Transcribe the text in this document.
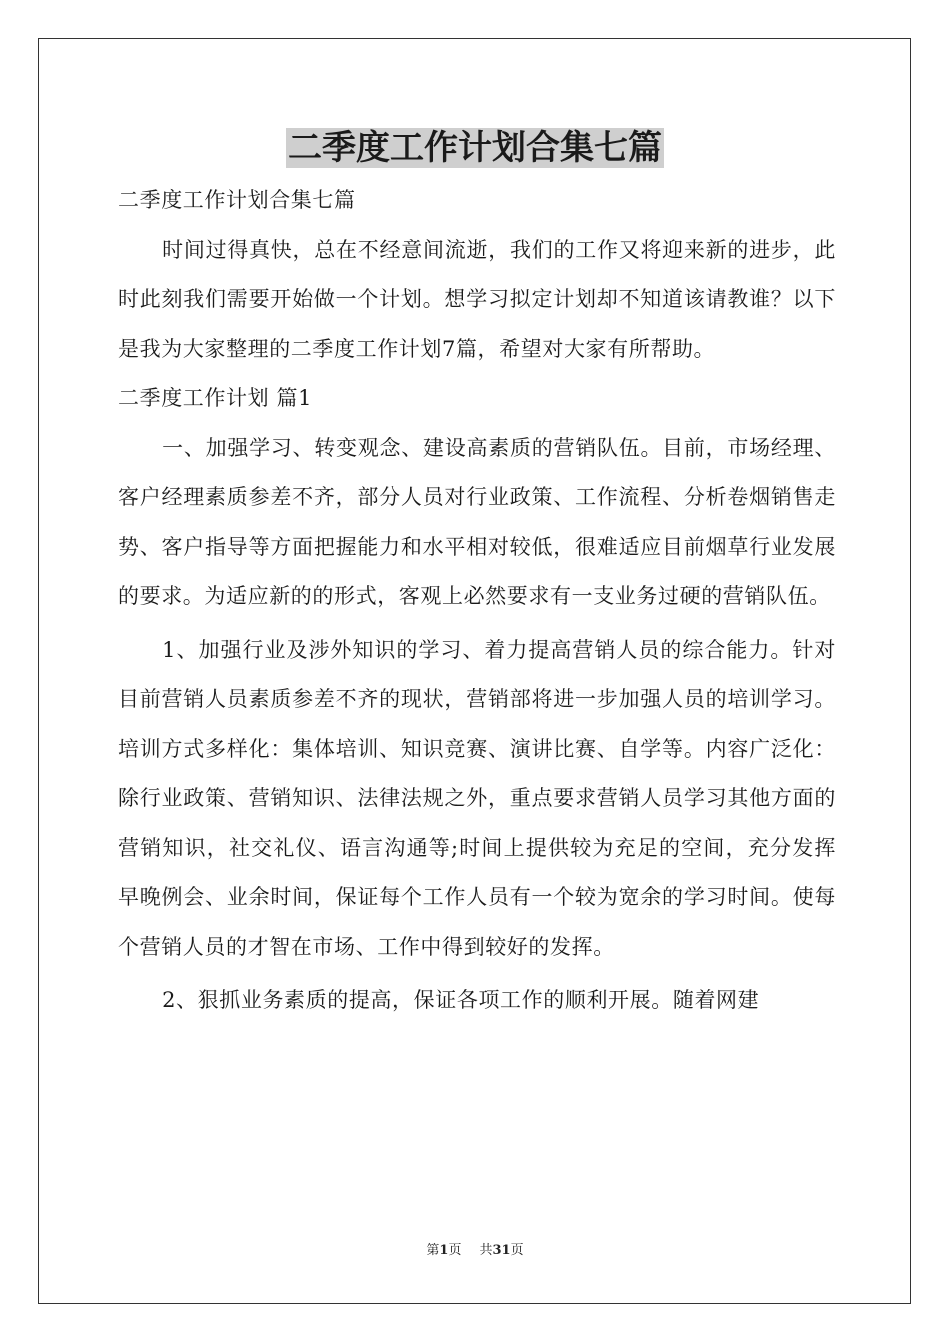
二季度工作计划合集七篇

二季度工作计划合集七篇

时间过得真快，总在不经意间流逝，我们的工作又将迎来新的进步，此时此刻我们需要开始做一个计划。想学习拟定计划却不知道该请教谁？以下是我为大家整理的二季度工作计划7篇，希望对大家有所帮助。

二季度工作计划 篇1

一、加强学习、转变观念、建设高素质的营销队伍。目前，市场经理、客户经理素质参差不齐，部分人员对行业政策、工作流程、分析卷烟销售走势、客户指导等方面把握能力和水平相对较低，很难适应目前烟草行业发展的要求。为适应新的的形式，客观上必然要求有一支业务过硬的营销队伍。

1、加强行业及涉外知识的学习、着力提高营销人员的综合能力。针对目前营销人员素质参差不齐的现状，营销部将进一步加强人员的培训学习。培训方式多样化：集体培训、知识竞赛、演讲比赛、自学等。内容广泛化：除行业政策、营销知识、法律法规之外，重点要求营销人员学习其他方面的营销知识，社交礼仪、语言沟通等;时间上提供较为充足的空间，充分发挥早晚例会、业余时间，保证每个工作人员有一个较为宽余的学习时间。使每个营销人员的才智在市场、工作中得到较好的发挥。

2、狠抓业务素质的提高，保证各项工作的顺利开展。随着网建

第1页 共31页
